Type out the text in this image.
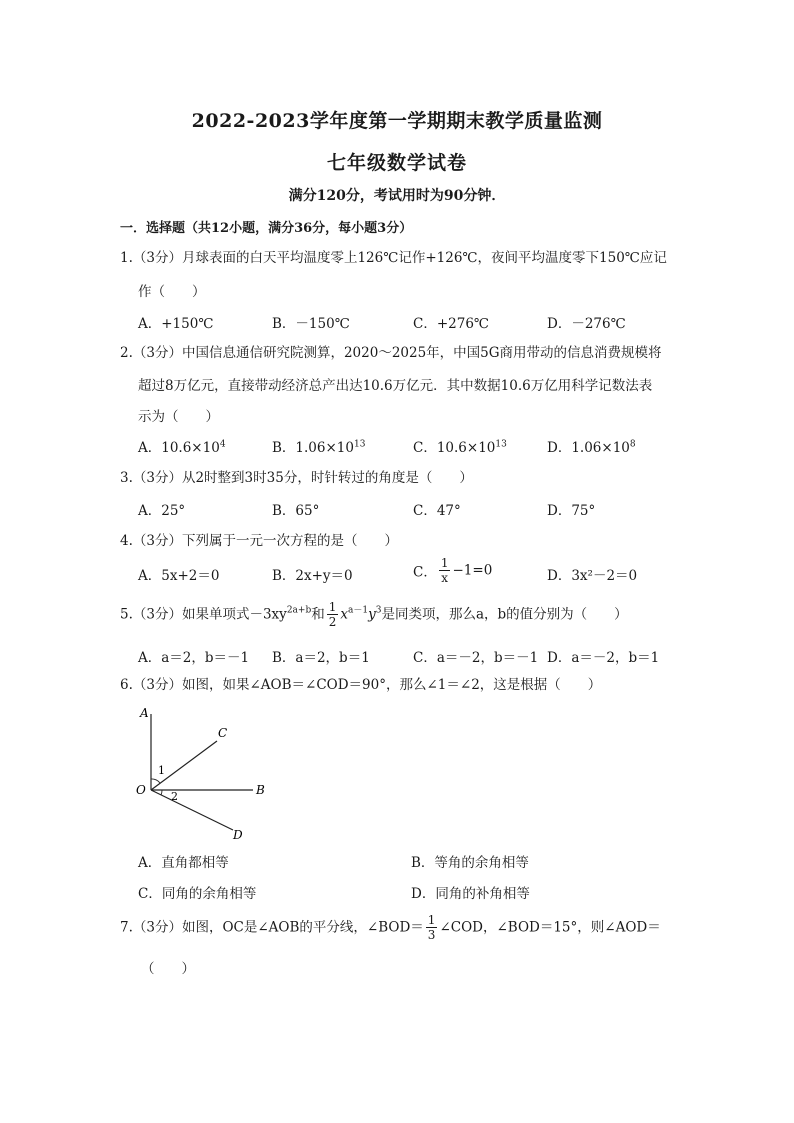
2022-2023学年度第一学期期末教学质量监测
七年级数学试卷
满分120分，考试用时为90分钟．
一．选择题（共12小题，满分36分，每小题3分）
1.（3分）月球表面的白天平均温度零上126℃记作+126℃，夜间平均温度零下150℃应记
作（　　）
A．+150℃	B．－150℃	C．+276℃	D．－276℃
2.（3分）中国信息通信研究院测算，2020～2025年，中国5G商用带动的信息消费规模将
超过8万亿元，直接带动经济总产出达10.6万亿元．其中数据10.6万亿用科学记数法表
示为（　　）
A．$10.6\times 10^4$	B．$1.06\times 10^{13}$	C．$10.6\times 10^{13}$	D．$1.06\times 10^8$
3.（3分）从2时整到3时35分，时针转过的角度是（　　）
A．25°	B．65°	C．47°	D．75°
4.（3分）下列属于一元一次方程的是（　　）
A．5x+2＝0	B．2x+y＝0	C． $\frac{1}{x} -1=0$	D．3x²－2＝0
5.（3分）如果单项式$-3xy^{2a+b}$和 $\frac{1}{2} x^{a-1}y^3$是同类项，那么a，b的值分别为（　　）
A．a＝2，b＝－1 B．a＝2，b＝1	C．a＝－2，b＝－1 D．a＝－2，b＝1
6.（3分）如图，如果∠AOB＝∠COD＝90°，那么∠1＝∠2，这是根据（　　）
A
C
B
D
O
1
2
A．直角都相等	B．等角的余角相等
C．同角的余角相等	D．同角的补角相等
7.（3分）如图，OC是∠AOB的平分线，∠BOD＝ $\frac{1}{3}$ ∠COD，∠BOD＝15°，则∠AOD＝
（　　）
